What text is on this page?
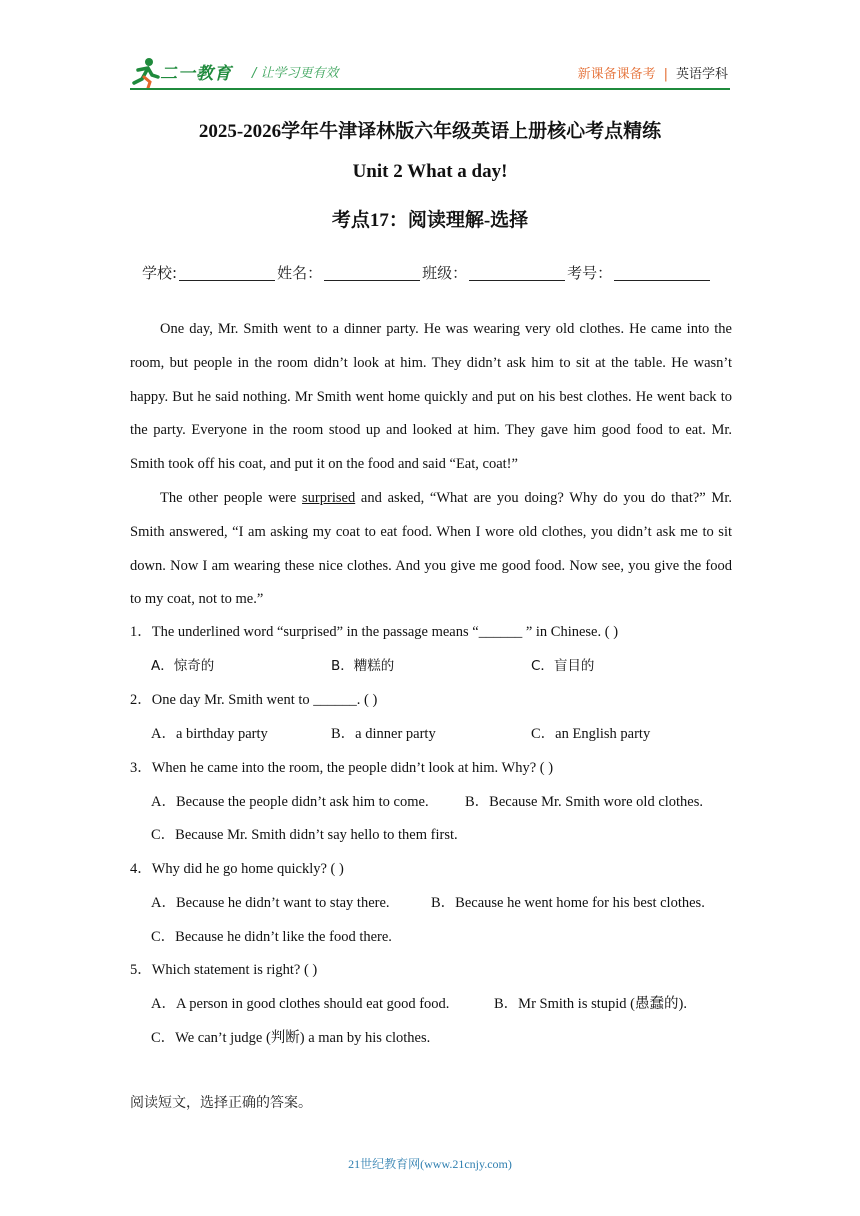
二一教育 / 让学习更有效	新课备课备考 | 英语学科
2025-2026学年牛津译林版六年级英语上册核心考点精练
Unit 2 What a day!
考点17：阅读理解-选择
学校:	姓名：	班级：	考号：

One day, Mr. Smith went to a dinner party. He was wearing very old clothes. He came into the room, but people in the room didn’t look at him. They didn’t ask him to sit at the table. He wasn’t happy. But he said nothing. Mr Smith went home quickly and put on his best clothes. He went back to the party. Everyone in the room stood up and looked at him. They gave him good food to eat. Mr. Smith took off his coat, and put it on the food and said “Eat, coat!”

The other people were surprised and asked, “What are you doing? Why do you do that?” Mr. Smith answered, “I am asking my coat to eat food. When I wore old clothes, you didn’t ask me to sit down. Now I am wearing these nice clothes. And you give me good food. Now see, you give the food to my coat, not to me.”

1．The underlined word “surprised” in the passage means “______ ” in Chinese. ( )
A．惊奇的	B．糟糕的	C．盲目的
2．One day Mr. Smith went to ______. ( )
A．a birthday party	B．a dinner party	C．an English party
3．When he came into the room, the people didn’t look at him. Why? ( )
A．Because the people didn’t ask him to come.	B．Because Mr. Smith wore old clothes.
C．Because Mr. Smith didn’t say hello to them first.
4．Why did he go home quickly? ( )
A．Because he didn’t want to stay there.	B．Because he went home for his best clothes.
C．Because he didn’t like the food there.
5．Which statement is right? ( )
A．A person in good clothes should eat good food.	B．Mr Smith is stupid (愚蠢的).
C．We can’t judge (判断) a man by his clothes.
阅读短文，选择正确的答案。
21世纪教育网(www.21cnjy.com)
